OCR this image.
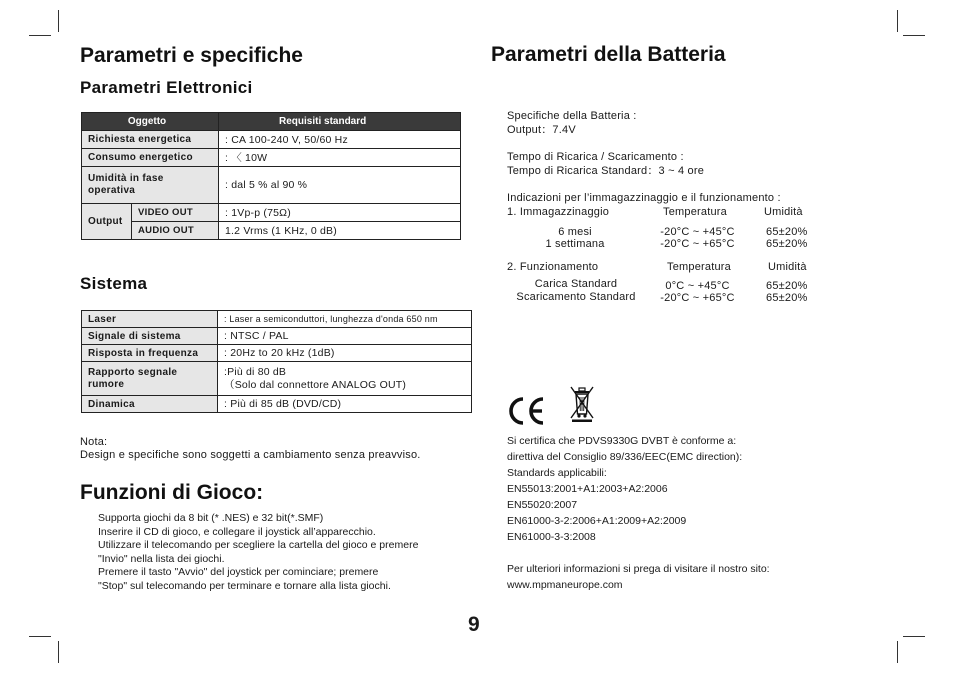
Parametri e specifiche
Parametri Elettronici
Oggetto		Requisiti standard
Richiesta energetica		: CA 100-240 V, 50/60 Hz
Consumo energetico		: 〈 10W
Umidità in fase operativa		: dal 5 % al 90 %
Output	VIDEO OUT	: 1Vp-p (75Ω)
	AUDIO OUT	1.2 Vrms (1 KHz, 0 dB)
Sistema
Laser	: Laser a semiconduttori, lunghezza d'onda 650 nm
Signale di sistema	: NTSC / PAL
Risposta in frequenza	: 20Hz to 20 kHz (1dB)
Rapporto segnale rumore	:Più di 80 dB
（Solo dal connettore ANALOG OUT)

Dinamica	: Più di 85 dB (DVD/CD)
Nota:
Design e specifiche sono soggetti a cambiamento senza preavviso.
Funzioni di Gioco:
Supporta giochi da 8 bit (* .NES) e 32 bit(*.SMF)
Inserire il CD di gioco, e collegare il joystick all’apparecchio.
Utilizzare il telecomando per scegliere la cartella del gioco e premere
"Invio" nella lista dei giochi.
Premere il tasto "Avvio" del joystick per cominciare; premere
"Stop" sul telecomando per terminare e tornare alla lista giochi.
Parametri della Batteria
Specifiche della Batteria :
Output：7.4V
Tempo di Ricarica / Scaricamento :
Tempo di Ricarica Standard：3 ~ 4 ore
Indicazioni per l’immagazzinaggio e il funzionamento :
1. Immagazzinaggio	Temperatura	Umidità
6 mesi	-20°C ~ +45°C	65±20%
1 settimana	-20°C ~ +65°C	65±20%
2. Funzionamento	Temperatura	Umidità
Carica Standard	0°C ~ +45°C	65±20%
Scaricamento Standard	-20°C ~ +65°C	65±20%
Si certifica che PDVS9330G DVBT è conforme a:
direttiva del Consiglio 89/336/EEC(EMC direction):
Standards applicabili:
EN55013:2001+A1:2003+A2:2006
EN55020:2007
EN61000-3-2:2006+A1:2009+A2:2009
EN61000-3-3:2008
Per ulteriori informazioni si prega di visitare il nostro sito:
www.mpmaneurope.com
9
